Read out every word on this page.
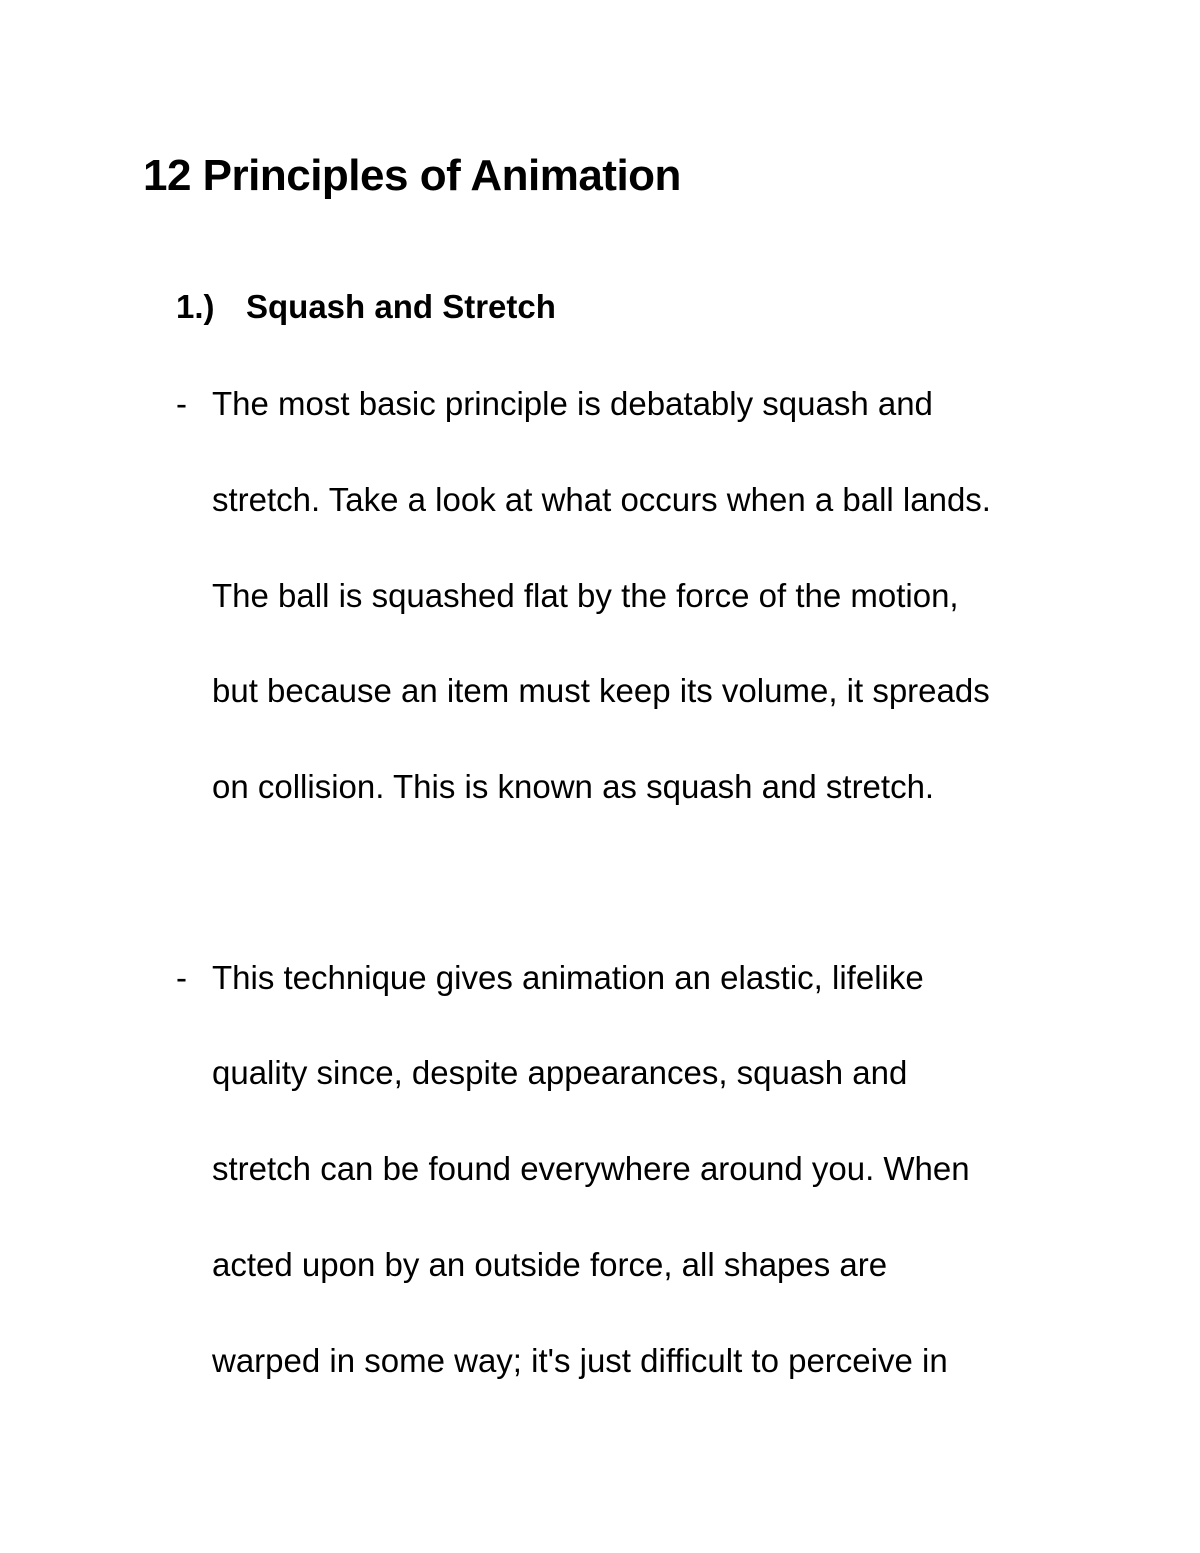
12 Principles of Animation
1.) Squash and Stretch
- The most basic principle is debatably squash and
stretch. Take a look at what occurs when a ball lands.
The ball is squashed flat by the force of the motion,
but because an item must keep its volume, it spreads
on collision. This is known as squash and stretch.
- This technique gives animation an elastic, lifelike
quality since, despite appearances, squash and
stretch can be found everywhere around you. When
acted upon by an outside force, all shapes are
warped in some way; it's just difficult to perceive in
